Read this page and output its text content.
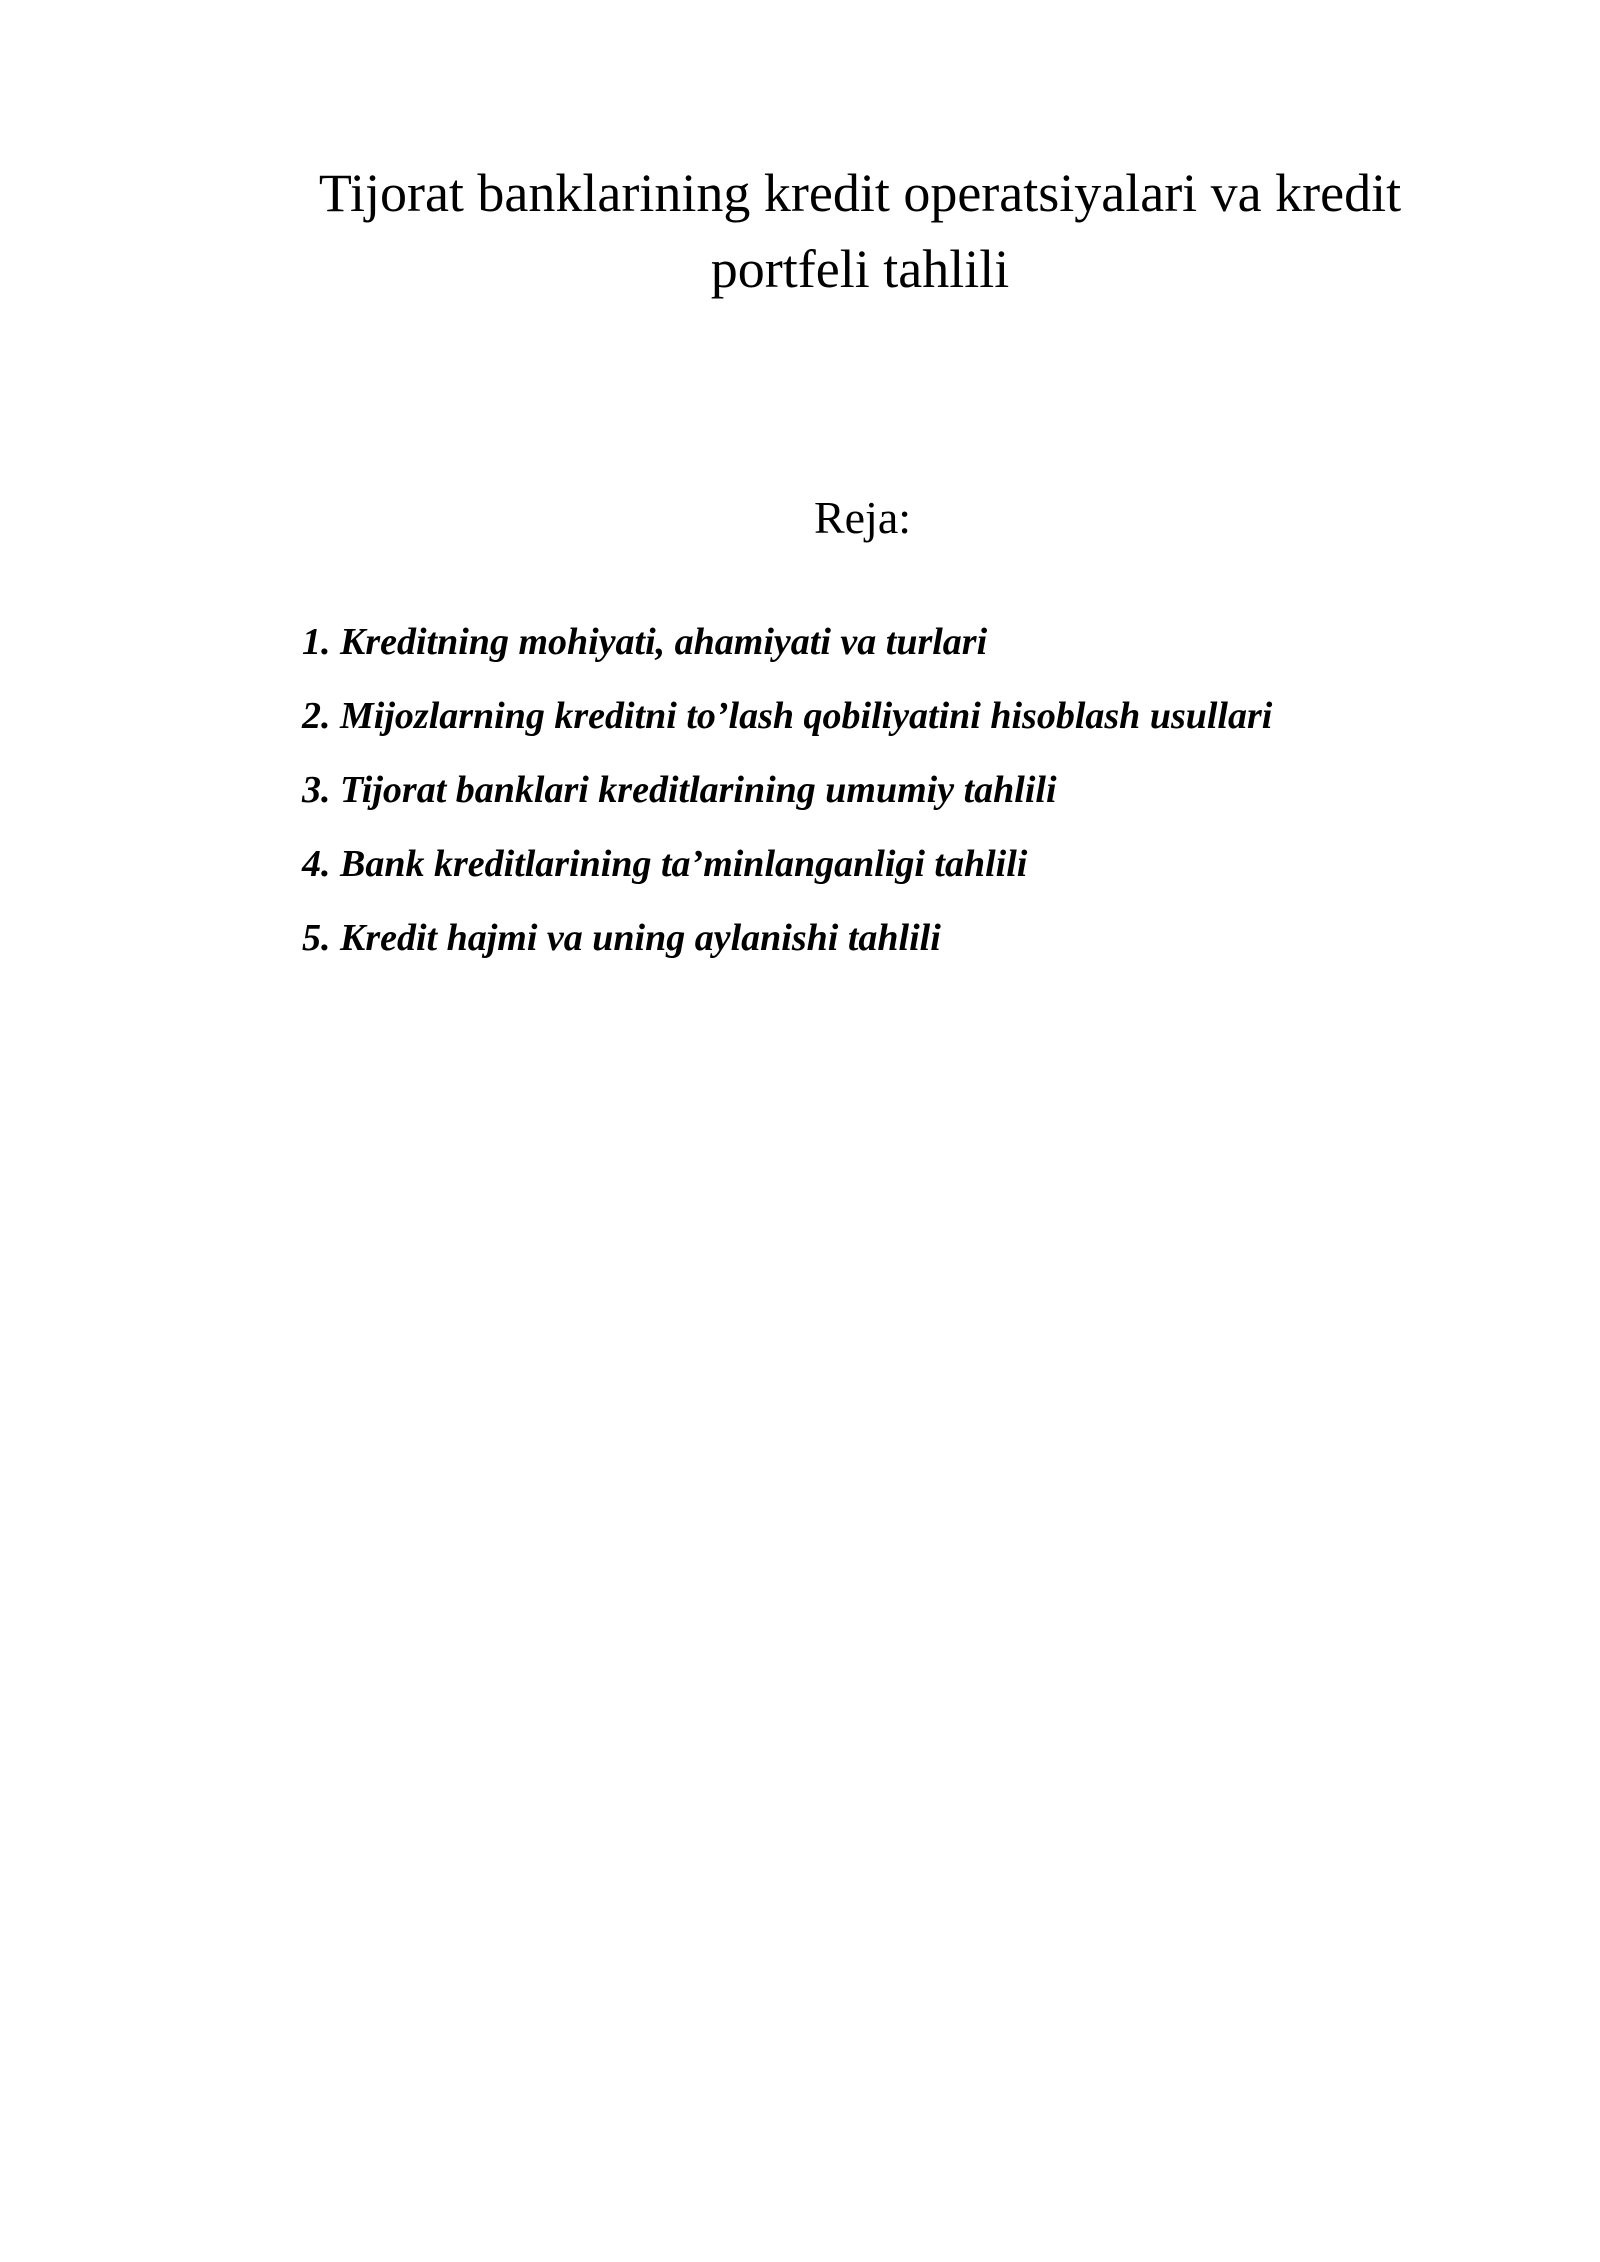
Tijorat banklarining kredit operatsiyalari va kredit
portfeli tahlili
Reja:
1. Kreditning mohiyati, ahamiyati va turlari
2. Mijozlarning kreditni to’lash qobiliyatini hisoblash usullari
3. Tijorat banklari kreditlarining umumiy tahlili
4. Bank kreditlarining ta’minlanganligi tahlili
5. Kredit hajmi va uning aylanishi tahlili
